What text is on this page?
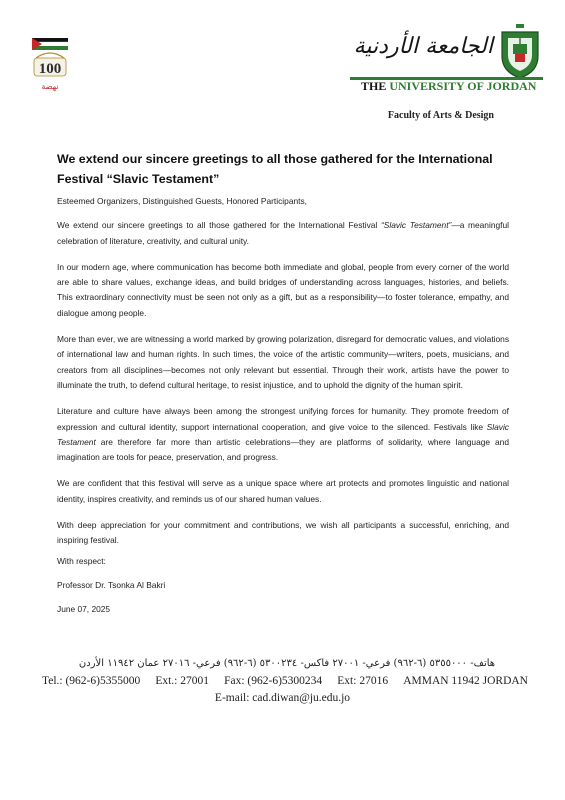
100
نهضة
الجامعة الأردنية
THE UNIVERSITY OF JORDAN
Faculty of Arts & Design
We extend our sincere greetings to all those gathered for the International Festival “Slavic Testament”

Esteemed Organizers, Distinguished Guests, Honored Participants,

We extend our sincere greetings to all those gathered for the International Festival “Slavic Testament”—a meaningful celebration of literature, creativity, and cultural unity.

In our modern age, where communication has become both immediate and global, people from every corner of the world are able to share values, exchange ideas, and build bridges of understanding across languages, histories, and beliefs. This extraordinary connectivity must be seen not only as a gift, but as a responsibility—to foster tolerance, empathy, and dialogue among people.

More than ever, we are witnessing a world marked by growing polarization, disregard for democratic values, and violations of international law and human rights. In such times, the voice of the artistic community—writers, poets, musicians, and creators from all disciplines—becomes not only relevant but essential. Through their work, artists have the power to illuminate the truth, to defend cultural heritage, to resist injustice, and to uphold the dignity of the human spirit.

Literature and culture have always been among the strongest unifying forces for humanity. They promote freedom of expression and cultural identity, support international cooperation, and give voice to the silenced. Festivals like Slavic Testament are therefore far more than artistic celebrations—they are platforms of solidarity, where language and imagination are tools for peace, preservation, and progress.

We are confident that this festival will serve as a unique space where art protects and promotes linguistic and national identity, inspires creativity, and reminds us of our shared human values.

With deep appreciation for your commitment and contributions, we wish all participants a successful, enriching, and inspiring festival.

With respect:
Professor Dr. Tsonka Al Bakri
June 07, 2025
هاتف- ٥٣٥٥٠٠٠ (٦-٩٦٢) فرعي- ٢٧٠٠١ فاكس- ٥٣٠٠٢٣٤ (٦-٩٦٢) فرعي- ٢٧٠١٦ عمان ١١٩٤٢ الأردن
Tel.: (962-6)5355000 Ext.: 27001 Fax: (962-6)5300234 Ext: 27016 AMMAN 11942 JORDAN
E-mail: cad.diwan@ju.edu.jo
